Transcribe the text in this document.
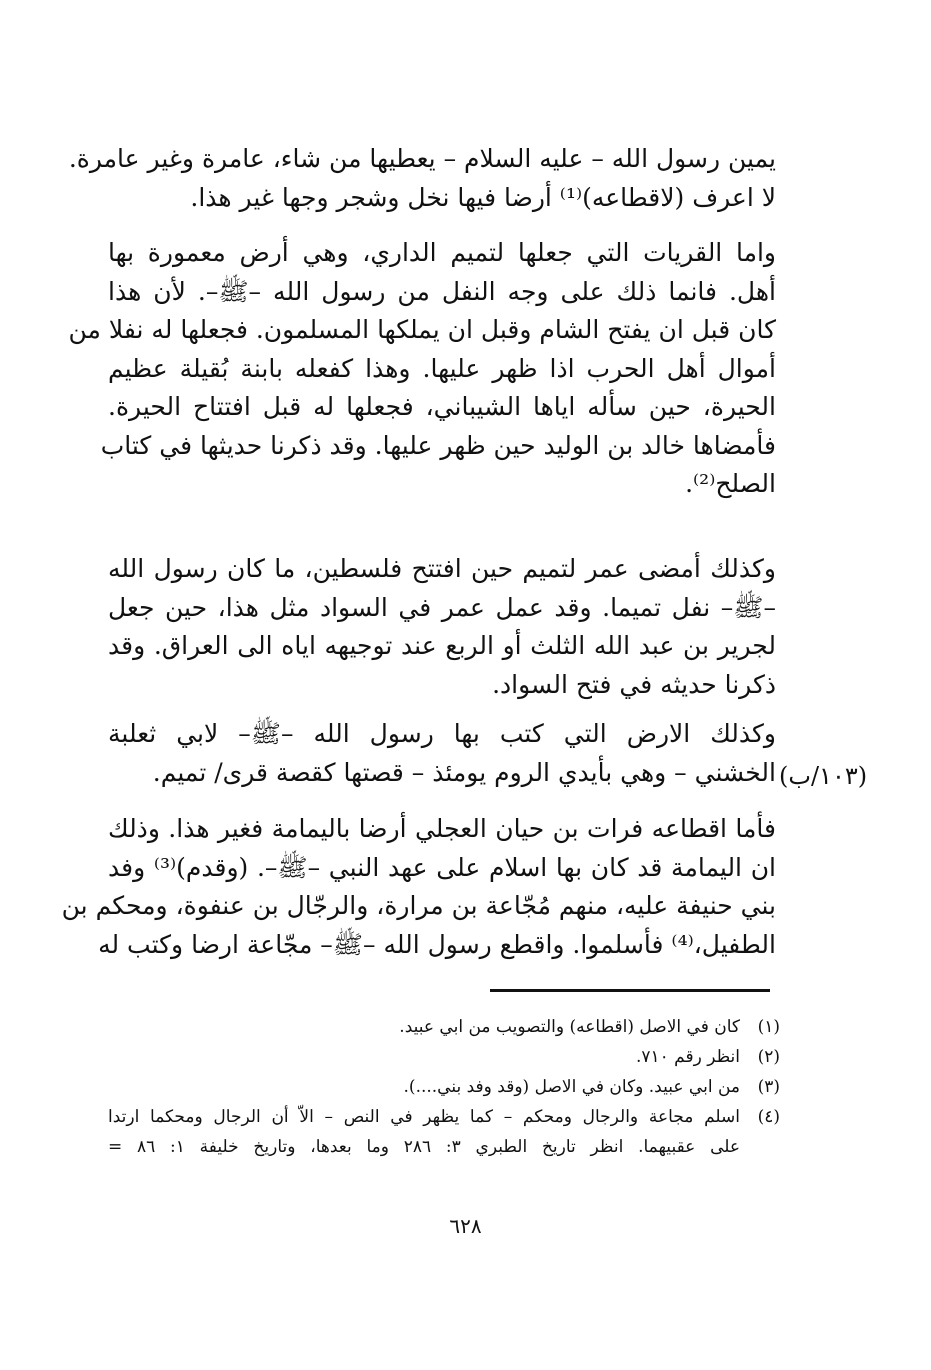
يمين رسول الله – عليه السلام – يعطيها من شاء، عامرة وغير عامرة.
لا اعرف (لاقطاعه)⁽¹⁾ أرضا فيها نخل وشجر وجها غير هذا.
واما القريات التي جعلها لتميم الداري، وهي أرض معمورة بها
أهل. فانما ذلك على وجه النفل من رسول الله –ﷺ–. لأن هذا
كان قبل ان يفتح الشام وقبل ان يملكها المسلمون. فجعلها له نفلا من
أموال أهل الحرب اذا ظهر عليها. وهذا كفعله بابنة بُقيلة عظيم
الحيرة، حين سأله اياها الشيباني، فجعلها له قبل افتتاح الحيرة.
فأمضاها خالد بن الوليد حين ظهر عليها. وقد ذكرنا حديثها في كتاب
الصلح⁽²⁾.
وكذلك أمضى عمر لتميم حين افتتح فلسطين، ما كان رسول الله
–ﷺ– نفل تميما. وقد عمل عمر في السواد مثل هذا، حين جعل
لجرير بن عبد الله الثلث أو الربع عند توجيهه اياه الى العراق. وقد
ذكرنا حديثه في فتح السواد.
وكذلك الارض التي كتب بها رسول الله –ﷺ– لابي ثعلبة
الخشني – وهي بأيدي الروم يومئذ – قصتها كقصة قرى/ تميم. (١٠٣/ب)
فأما اقطاعه فرات بن حيان العجلي أرضا باليمامة فغير هذا. وذلك
ان اليمامة قد كان بها اسلام على عهد النبي –ﷺ–. (وقدم)⁽³⁾ وفد
بني حنيفة عليه، منهم مُجّاعة بن مرارة، والرجّال بن عنفوة، ومحكم بن
الطفيل،⁽⁴⁾ فأسلموا. واقطع رسول الله –ﷺ– مجّاعة ارضا وكتب له
(١)
كان في الاصل (اقطاعه) والتصويب من ابي عبيد.
(٢)
انظر رقم ٧١٠.
(٣)
من ابي عبيد. وكان في الاصل (وقد وفد بني....).
(٤)
اسلم مجاعة والرجال ومحكم – كما يظهر في النص – الاّ أن الرجال ومحكما ارتدا
على عقبيهما. انظر تاريخ الطبري ٣: ٢٨٦ وما بعدها، وتاريخ خليفة ١: ٨٦ =
٦٢٨
